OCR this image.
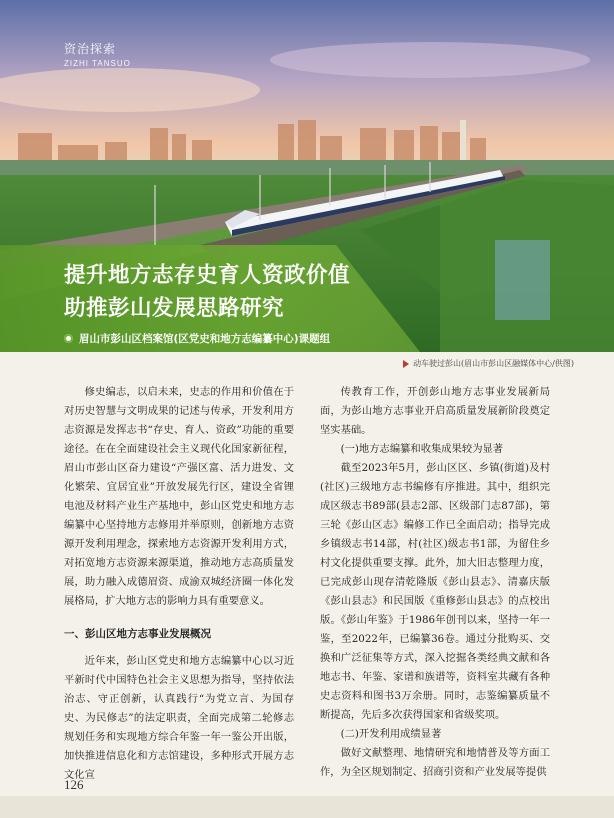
资治探索
ZIZHI TANSUO
提升地方志存史育人资政价值
助推彭山发展思路研究
眉山市彭山区档案馆(区党史和地方志编纂中心)课题组
动车驶过彭山(眉山市彭山区融媒体中心/供图)

修史编志，以启未来，史志的作用和价值在于对历史智慧与文明成果的记述与传承，开发利用方志资源是发挥志书“存史、育人、资政”功能的重要途径。在在全面建设社会主义现代化国家新征程，眉山市彭山区奋力建设“产强区富、活力进发、文化繁荣、宜居宜业”开放发展先行区，建设全省锂电池及材料产业生产基地中，彭山区党史和地方志编纂中心坚持地方志修用并举原则，创新地方志资源开发利用理念，探索地方志资源开发利用方式，对拓宽地方志资源来源渠道，推动地方志高质量发展，助力融入成德眉资、成渝双城经济圈一体化发展格局，扩大地方志的影响力具有重要意义。

一、彭山区地方志事业发展概况

近年来，彭山区党史和地方志编纂中心以习近平新时代中国特色社会主义思想为指导，坚持依法治志、守正创新，认真践行“为党立言、为国存史、为民修志”的法定职责，全面完成第二轮修志规划任务和实现地方综合年鉴一年一鉴公开出版，加快推进信息化和方志馆建设，多种形式开展方志文化宣

传教育工作，开创彭山地方志事业发展新局面，为彭山地方志事业开启高质量发展新阶段奠定坚实基础。

(一)地方志编纂和收集成果较为显著

截至2023年5月，彭山区区、乡镇(街道)及村(社区)三级地方志书编修有序推进。其中，组织完成区级志书89部(县志2部、区级部门志87部)，第三轮《彭山区志》编修工作已全面启动；指导完成乡镇级志书14部，村(社区)级志书1部，为留住乡村文化提供重要支撑。此外，加大旧志整理力度，已完成彭山现存清乾隆版《彭山县志》、清嘉庆版《彭山县志》和民国版《重修彭山县志》的点校出版。《彭山年鉴》于1986年创刊以来，坚持一年一鉴，至2022年，已编纂36卷。通过分批购买、交换和广泛征集等方式，深入挖掘各类经典文献和各地志书、年鉴、家谱和族谱等，资料室共藏有各种史志资料和图书3万余册。同时，志鉴编纂质量不断提高，先后多次获得国家和省级奖项。

(二)开发利用成绩显著

做好文献整理、地情研究和地情普及等方面工作，为全区规划制定、招商引资和产业发展等提供

126
